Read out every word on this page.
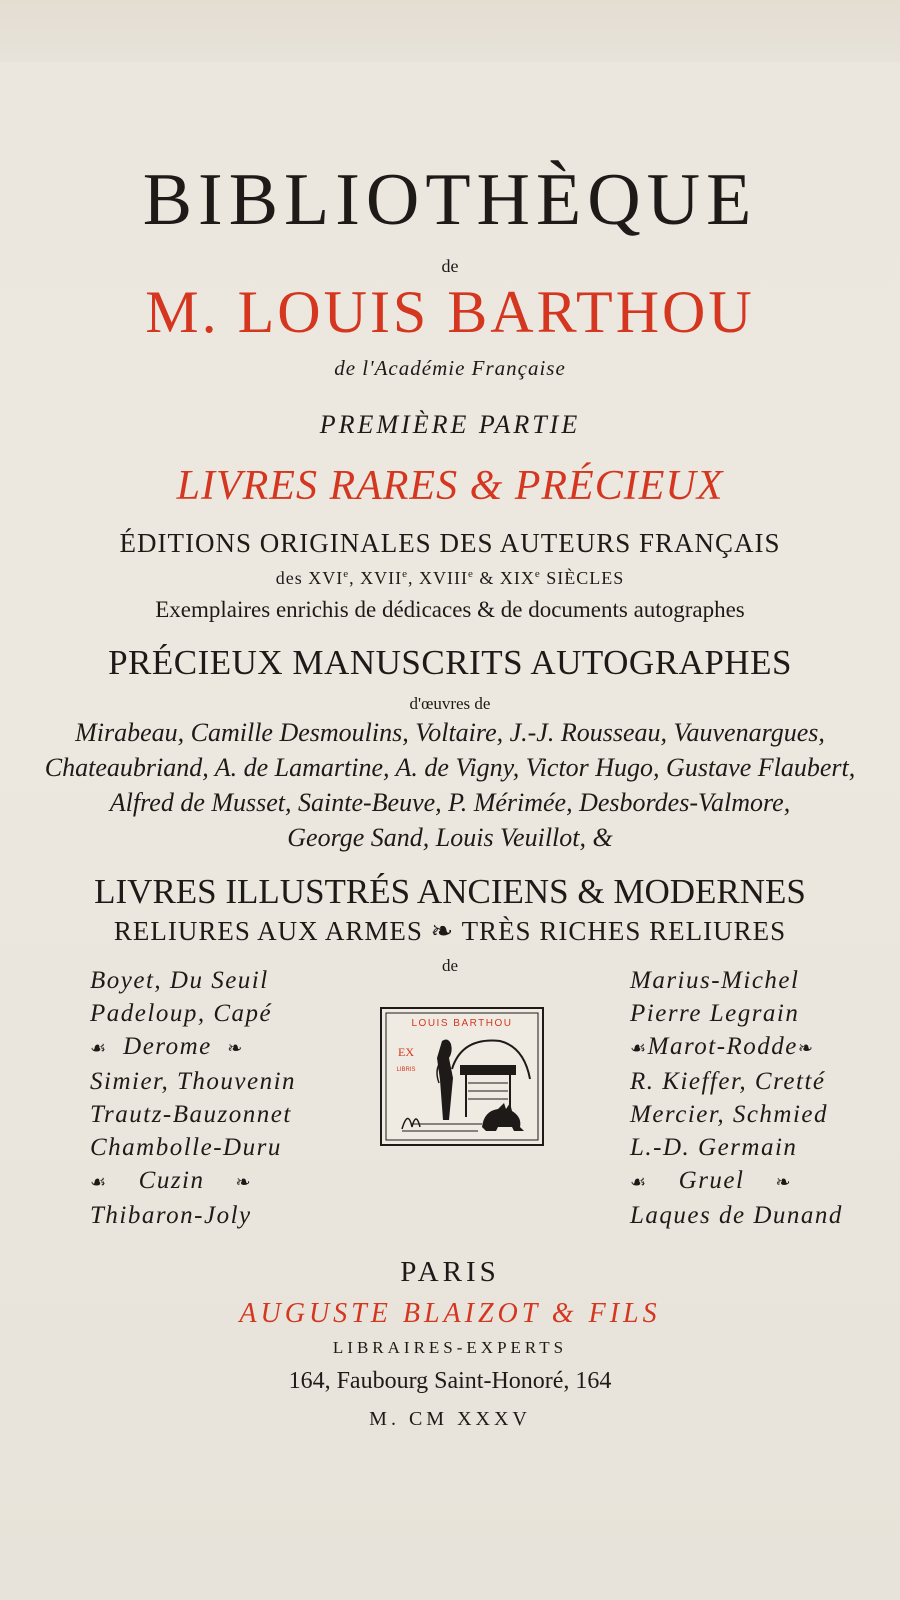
BIBLIOTHÈQUE
de
M. LOUIS BARTHOU
de l'Académie Française
PREMIÈRE PARTIE
LIVRES RARES & PRÉCIEUX
ÉDITIONS ORIGINALES DES AUTEURS FRANÇAIS
des XVIe, XVIIe, XVIIIe & XIXe SIÈCLES
Exemplaires enrichis de dédicaces & de documents autographes
PRÉCIEUX MANUSCRITS AUTOGRAPHES
d'œuvres de
Mirabeau, Camille Desmoulins, Voltaire, J.-J. Rousseau, Vauvenargues,
Chateaubriand, A. de Lamartine, A. de Vigny, Victor Hugo, Gustave Flaubert,
Alfred de Musset, Sainte-Beuve, P. Mérimée, Desbordes-Valmore,
George Sand, Louis Veuillot, &
LIVRES ILLUSTRÉS ANCIENS & MODERNES
RELIURES AUX ARMES ❧ TRÈS RICHES RELIURES
de
Boyet, Du Seuil
Padeloup, Capé
☙ Derome ❧
Simier, Thouvenin
Trautz-Bauzonnet
Chambolle-Duru
☙ Cuzin ❧
Thibaron-Joly
Marius-Michel
Pierre Legrain
☙Marot-Rodde❧
R. Kieffer, Cretté
Mercier, Schmied
L.-D. Germain
☙ Gruel ❧
Laques de Dunand
LOUIS BARTHOU
EX
LIBRIS
PARIS
AUGUSTE BLAIZOT & FILS
LIBRAIRES-EXPERTS
164, Faubourg Saint-Honoré, 164
M. CM XXXV
